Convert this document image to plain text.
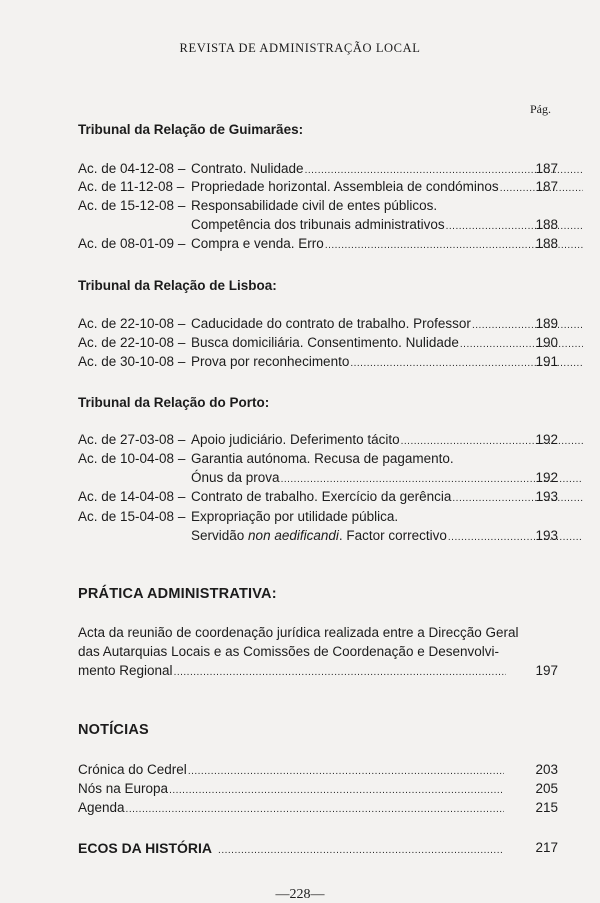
REVISTA DE ADMINISTRAÇÃO LOCAL
Pág.
Tribunal da Relação de Guimarães:
Ac. de 04-12-08 – Contrato. Nulidade .....	187
Ac. de 11-12-08 – Propriedade horizontal. Assembleia de condóminos .....	187
Ac. de 15-12-08 – Responsabilidade civil de entes públicos.
Competência dos tribunais administrativos .....	188
Ac. de 08-01-09 – Compra e venda. Erro .....	188
Tribunal da Relação de Lisboa:
Ac. de 22-10-08 – Caducidade do contrato de trabalho. Professor .....	189
Ac. de 22-10-08 – Busca domiciliária. Consentimento. Nulidade .....	190
Ac. de 30-10-08 – Prova por reconhecimento .....	191
Tribunal da Relação do Porto:
Ac. de 27-03-08 – Apoio judiciário. Deferimento tácito .....	192
Ac. de 10-04-08 – Garantia autónoma. Recusa de pagamento.
Ónus da prova .....	192
Ac. de 14-04-08 – Contrato de trabalho. Exercício da gerência .....	193
Ac. de 15-04-08 – Expropriação por utilidade pública.
Servidão non aedificandi. Factor correctivo .....	193
PRÁTICA ADMINISTRATIVA:
Acta da reunião de coordenação jurídica realizada entre a Direcção Geral
das Autarquias Locais e as Comissões de Coordenação e Desenvolvi-
mento Regional .....	197
NOTÍCIAS
Crónica do Cedrel .....	203
Nós na Europa .....	205
Agenda .....	215
ECOS DA HISTÓRIA .....	217
—228—
